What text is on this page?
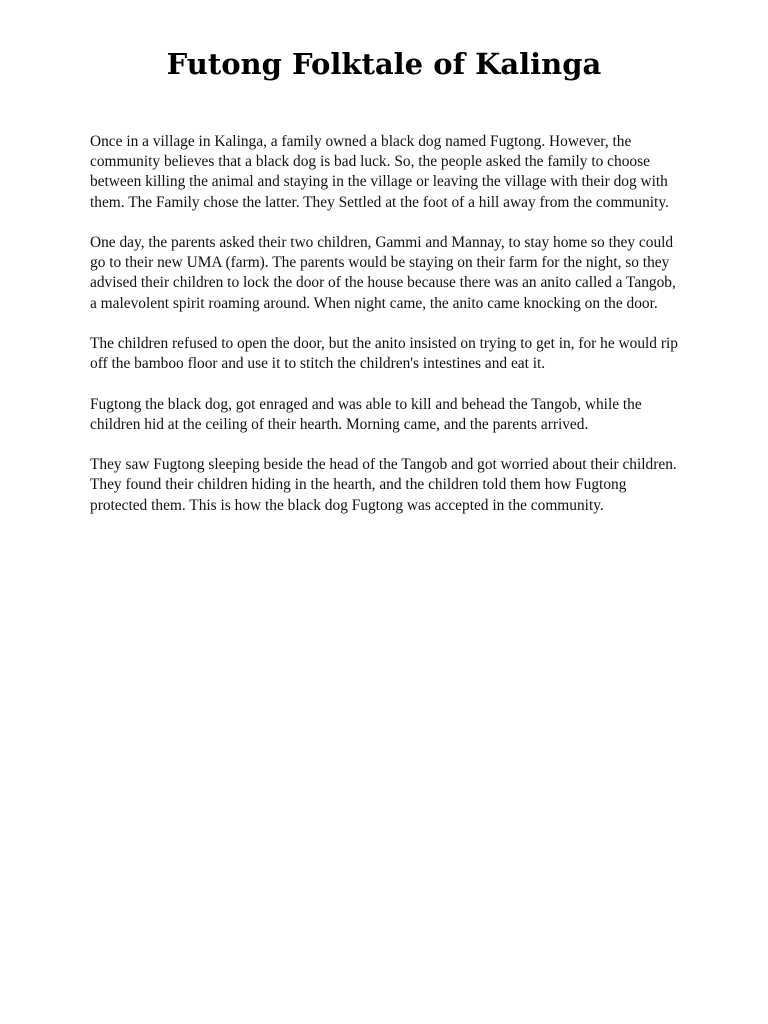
Futong Folktale of Kalinga

Once in a village in Kalinga, a family owned a black dog named Fugtong. However, the community believes that a black dog is bad luck. So, the people asked the family to choose between killing the animal and staying in the village or leaving the village with their dog with them. The Family chose the latter. They Settled at the foot of a hill away from the community.

One day, the parents asked their two children, Gammi and Mannay, to stay home so they could go to their new UMA (farm). The parents would be staying on their farm for the night, so they advised their children to lock the door of the house because there was an anito called a Tangob, a malevolent spirit roaming around. When night came, the anito came knocking on the door.

The children refused to open the door, but the anito insisted on trying to get in, for he would rip off the bamboo floor and use it to stitch the children's intestines and eat it.

Fugtong the black dog, got enraged and was able to kill and behead the Tangob, while the children hid at the ceiling of their hearth. Morning came, and the parents arrived.

They saw Fugtong sleeping beside the head of the Tangob and got worried about their children. They found their children hiding in the hearth, and the children told them how Fugtong protected them. This is how the black dog Fugtong was accepted in the community.
